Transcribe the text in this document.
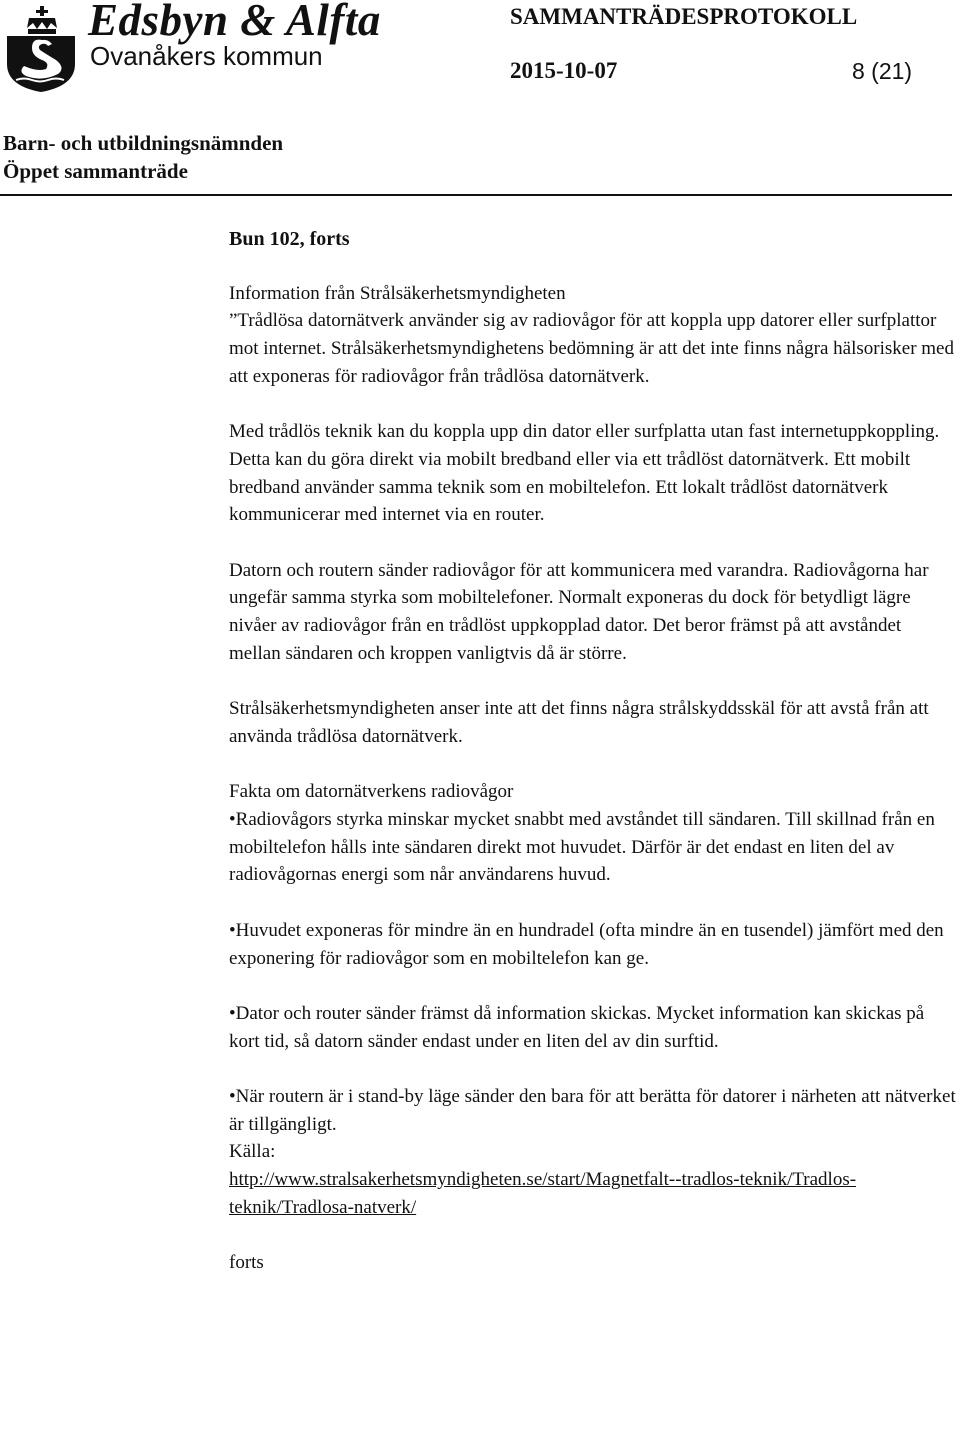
Edsbyn & Alfta
Ovanåkers kommun
SAMMANTRÄDESPROTOKOLL
2015-10-07	8 (21)
Barn- och utbildningsnämnden
Öppet sammanträde
Bun 102, forts

Information från Strålsäkerhetsmyndigheten

”Trådlösa datornätverk använder sig av radiovågor för att koppla upp datorer eller surfplattor mot internet. Strålsäkerhetsmyndighetens bedömning är att det inte finns några hälsorisker med att exponeras för radiovågor från trådlösa datornätverk.

Med trådlös teknik kan du koppla upp din dator eller surfplatta utan fast internetuppkoppling. Detta kan du göra direkt via mobilt bredband eller via ett trådlöst datornätverk. Ett mobilt bredband använder samma teknik som en mobiltelefon. Ett lokalt trådlöst datornätverk kommunicerar med internet via en router.

Datorn och routern sänder radiovågor för att kommunicera med varandra. Radiovågorna har ungefär samma styrka som mobiltelefoner. Normalt exponeras du dock för betydligt lägre nivåer av radiovågor från en trådlöst uppkopplad dator. Det beror främst på att avståndet mellan sändaren och kroppen vanligtvis då är större.

Strålsäkerhetsmyndigheten anser inte att det finns några strålskyddsskäl för att avstå från att använda trådlösa datornätverk.

Fakta om datornätverkens radiovågor

•Radiovågors styrka minskar mycket snabbt med avståndet till sändaren. Till skillnad från en mobiltelefon hålls inte sändaren direkt mot huvudet. Därför är det endast en liten del av radiovågornas energi som når användarens huvud.

•Huvudet exponeras för mindre än en hundradel (ofta mindre än en tusendel) jämfört med den exponering för radiovågor som en mobiltelefon kan ge.

•Dator och router sänder främst då information skickas. Mycket information kan skickas på kort tid, så datorn sänder endast under en liten del av din surftid.

•När routern är i stand-by läge sänder den bara för att berätta för datorer i närheten att nätverket är tillgängligt.

Källa:

http://www.stralsakerhetsmyndigheten.se/start/Magnetfalt--tradlos-teknik/Tradlos-teknik/Tradlosa-natverk/

forts
